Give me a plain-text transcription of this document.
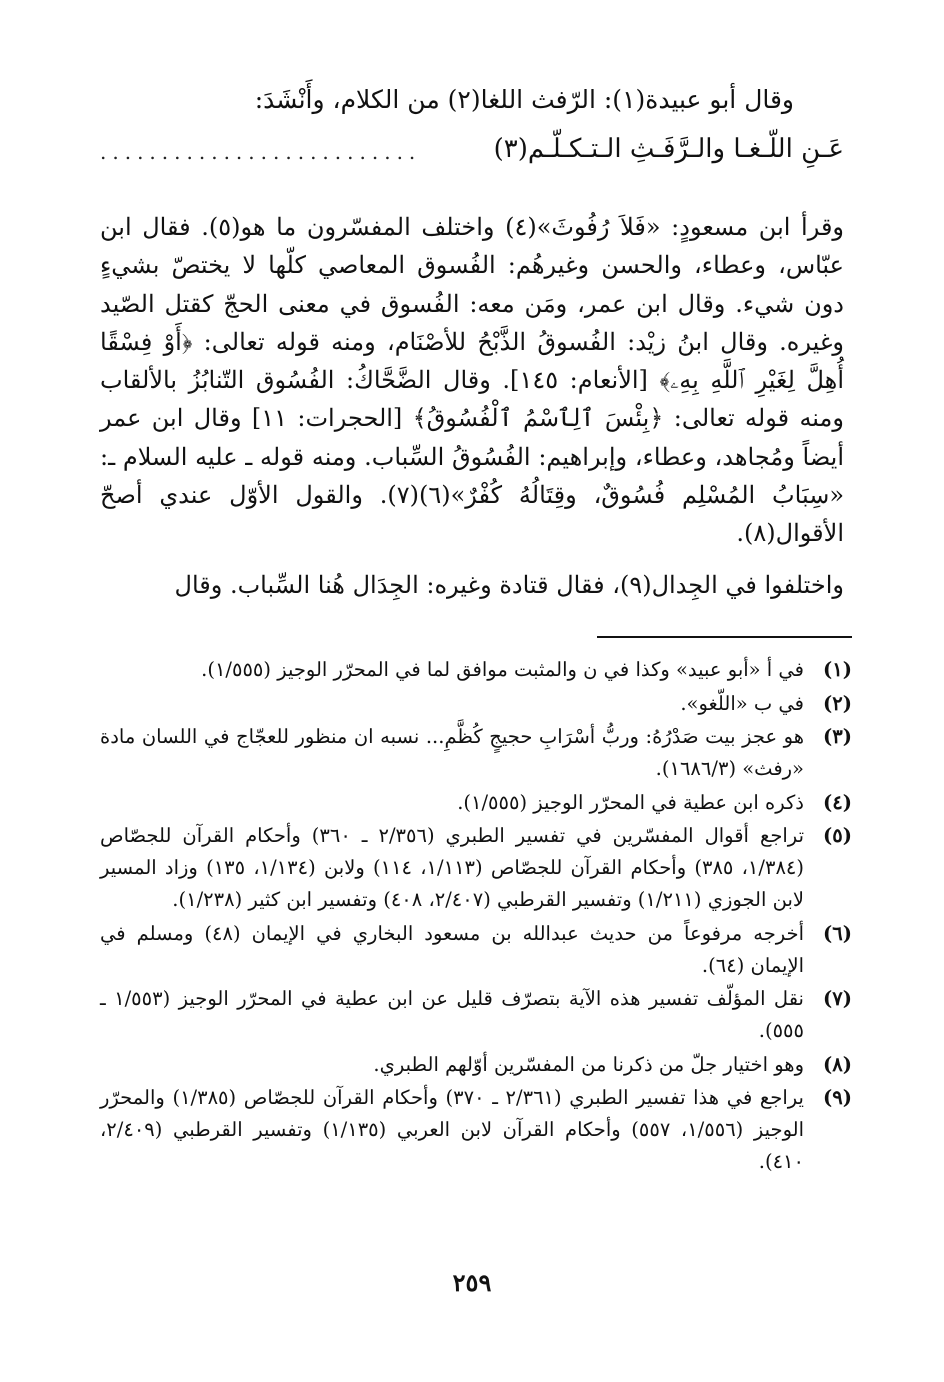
وقال أبو عبيدة(١): الرّفث اللغا(٢) من الكلام، وأَنْشَدَ:
عَـنِ اللّـغـا والـرَّفَـثِ الـتـكـلّـم(٣)
..........................
وقرأ ابن مسعودٍ: «فَلاَ رُفُوثَ»(٤) واختلف المفسّرون ما هو(٥). فقال ابن عبّاس، وعطاء، والحسن وغيرهُم: الفُسوق المعاصي كلّها لا يختصّ بشيءٍ دون شيء. وقال ابن عمر، ومَن معه: الفُسوق في معنى الحجّ كقتل الصّيد وغيره. وقال ابنُ زيْد: الفُسوقُ الذَّبْحُ للأصْنَام، ومنه قوله تعالى: ﴿أَوْ فِسْقًا أُهِلَّ لِغَيْرِ ٱللَّهِ بِهِۦ﴾ [الأنعام: ١٤٥]. وقال الضَّحَّاكُ: الفُسُوق التّنابُزُ بالألقاب ومنه قوله تعالى: ﴿بِئْسَ ٱلِٱسْمُ ٱلْفُسُوقُ﴾ [الحجرات: ١١] وقال ابن عمر أيضاً ومُجاهد، وعطاء، وإبراهيم: الفُسُوقُ السِّباب. ومنه قوله ـ عليه السلام ـ: «سِبَابُ المُسْلِم فُسُوقٌ، وقِتَالُهُ كُفْرٌ»(٦)(٧). والقول الأوّل عندي أصحّ الأقوال(٨).
واختلفوا في الجِدال(٩)، فقال قتادة وغيره: الجِدَال هُنا السِّباب. وقال
(١)
في أ «أبو عبيد» وكذا في ن والمثبت موافق لما في المحرّر الوجيز (١/٥٥٥).
(٢)
في ب «اللّغو».
(٣)
هو عجز بيت صَدْرُهُ: وربُّ أسْرَابِ حجيجٍ كُظَّمِ... نسبه ان منظور للعجّاج في اللسان مادة «رفث» (١٦٨٦/٣).
(٤)
ذكره ابن عطية في المحرّر الوجيز (١/٥٥٥).
(٥)
تراجع أقوال المفسّرين في تفسير الطبري (٢/٣٥٦ ـ ٣٦٠) وأحكام القرآن للجصّاص (١/٣٨٤، ٣٨٥) وأحكام القرآن للجصّاص (١/١١٣، ١١٤) ولابن (١/١٣٤، ١٣٥) وزاد المسير لابن الجوزي (١/٢١١) وتفسير القرطبي (٢/٤٠٧، ٤٠٨) وتفسير ابن كثير (١/٢٣٨).
(٦)
أخرجه مرفوعاً من حديث عبدالله بن مسعود البخاري في الإيمان (٤٨) ومسلم في الإيمان (٦٤).
(٧)
نقل المؤلّف تفسير هذه الآية بتصرّف قليل عن ابن عطية في المحرّر الوجيز (١/٥٥٣ ـ ٥٥٥).
(٨)
وهو اختيار جلّ من ذكرنا من المفسّرين أوّلهم الطبري.
(٩)
يراجع في هذا تفسير الطبري (٢/٣٦١ ـ ٣٧٠) وأحكام القرآن للجصّاص (١/٣٨٥) والمحرّر الوجيز (١/٥٥٦، ٥٥٧) وأحكام القرآن لابن العربي (١/١٣٥) وتفسير القرطبي (٢/٤٠٩، ٤١٠).
٢٥٩
